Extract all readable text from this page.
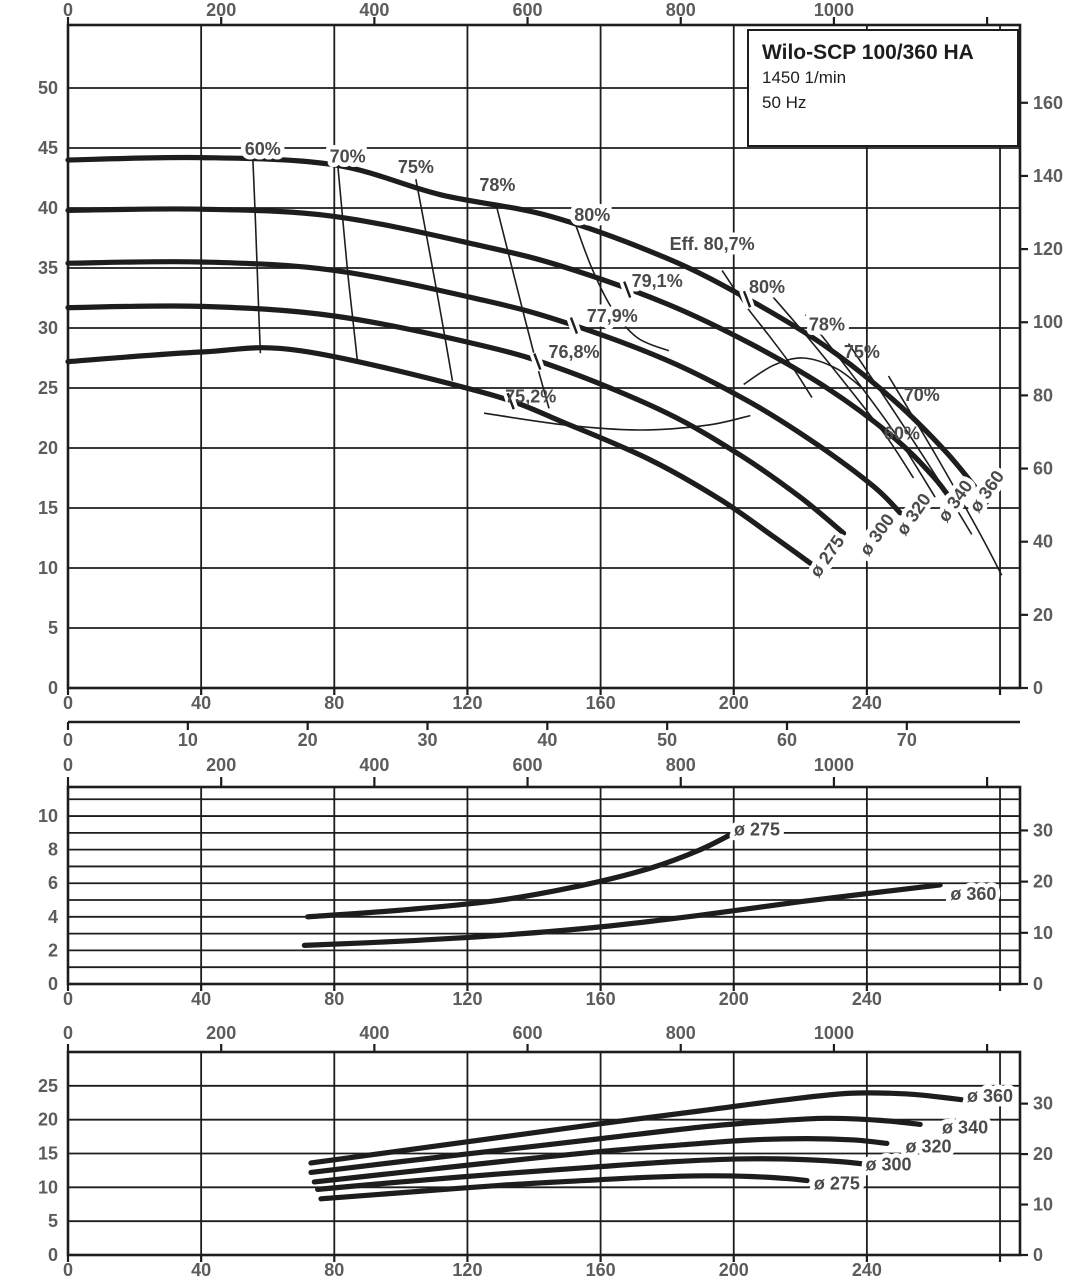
0	200	400	600	800	1000
0	40	80	120	160	200	240
0	10	20	30	40	50	60	70
0
5
10
15
20
25
30
35
40
45
50
0
20
40
60
80
100
120
140
160
60%	70%
75%
78%
80%
Eff. 80,7%
79,1%	80%
77,9%	78%
76,8%	75%
75,2%	70%
60%
ø 360
ø 340
ø 320
ø 300
ø 275
0	200	400	600	800	1000
0	40	80	120	160	200	240
0
2
4
6
8
10
0
10
20
30
ø 275
ø 360
0	200	400	600	800	1000
0	40	80	120	160	200	240
0
5
10
15
20
25
0
10
20
30
ø 360
ø 340
ø 320
ø 300
ø 275
Wilo-SCP 100/360 HA
1450 1/min
50 Hz
